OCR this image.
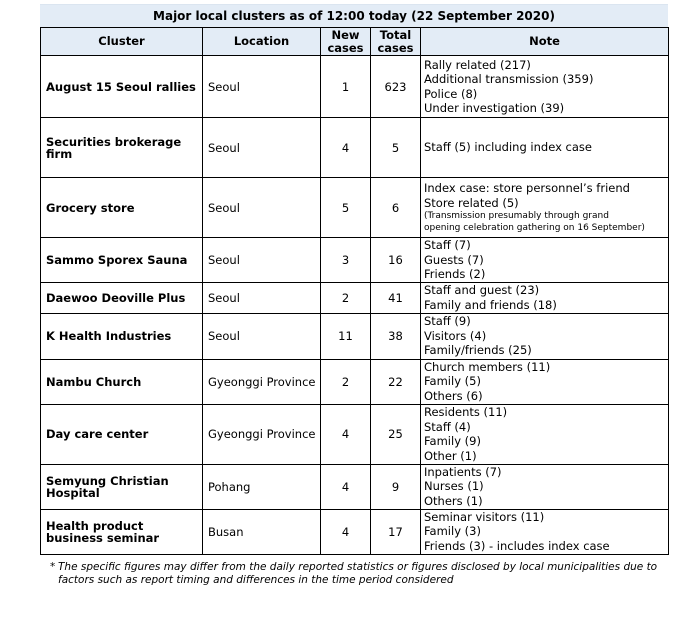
Major local clusters as of 12:00 today (22 September 2020)
Cluster	Location	New cases	Total cases	Note
August 15 Seoul rallies	Seoul	1	623	Rally related (217)
Additional transmission (359)
Police (8)
Under investigation (39)

Securities brokerage firm	Seoul	4	5	Staff (5) including index case

Grocery store	Seoul	5	6	Index case: store personnel’s friend
Store related (5)
(Transmission presumably through grand
opening celebration gathering on 16 September)

Sammo Sporex Sauna	Seoul	3	16	Staff (7)
Guests (7)
Friends (2)

Daewoo Deoville Plus	Seoul	2	41	Staff and guest (23)
Family and friends (18)

K Health Industries	Seoul	11	38	Staff (9)
Visitors (4)
Family/friends (25)

Nambu Church	Gyeonggi Province	2	22	Church members (11)
Family (5)
Others (6)

Day care center	Gyeonggi Province	4	25	Residents (11)
Staff (4)
Family (9)
Other (1)

Semyung Christian Hospital	Pohang	4	9	Inpatients (7)
Nurses (1)
Others (1)

Health product business seminar	Busan	4	17	Seminar visitors (11)
Family (3)
Friends (3) - includes index case
* The specific figures may differ from the daily reported statistics or figures disclosed by local municipalities due to factors such as report timing and differences in the time period considered
